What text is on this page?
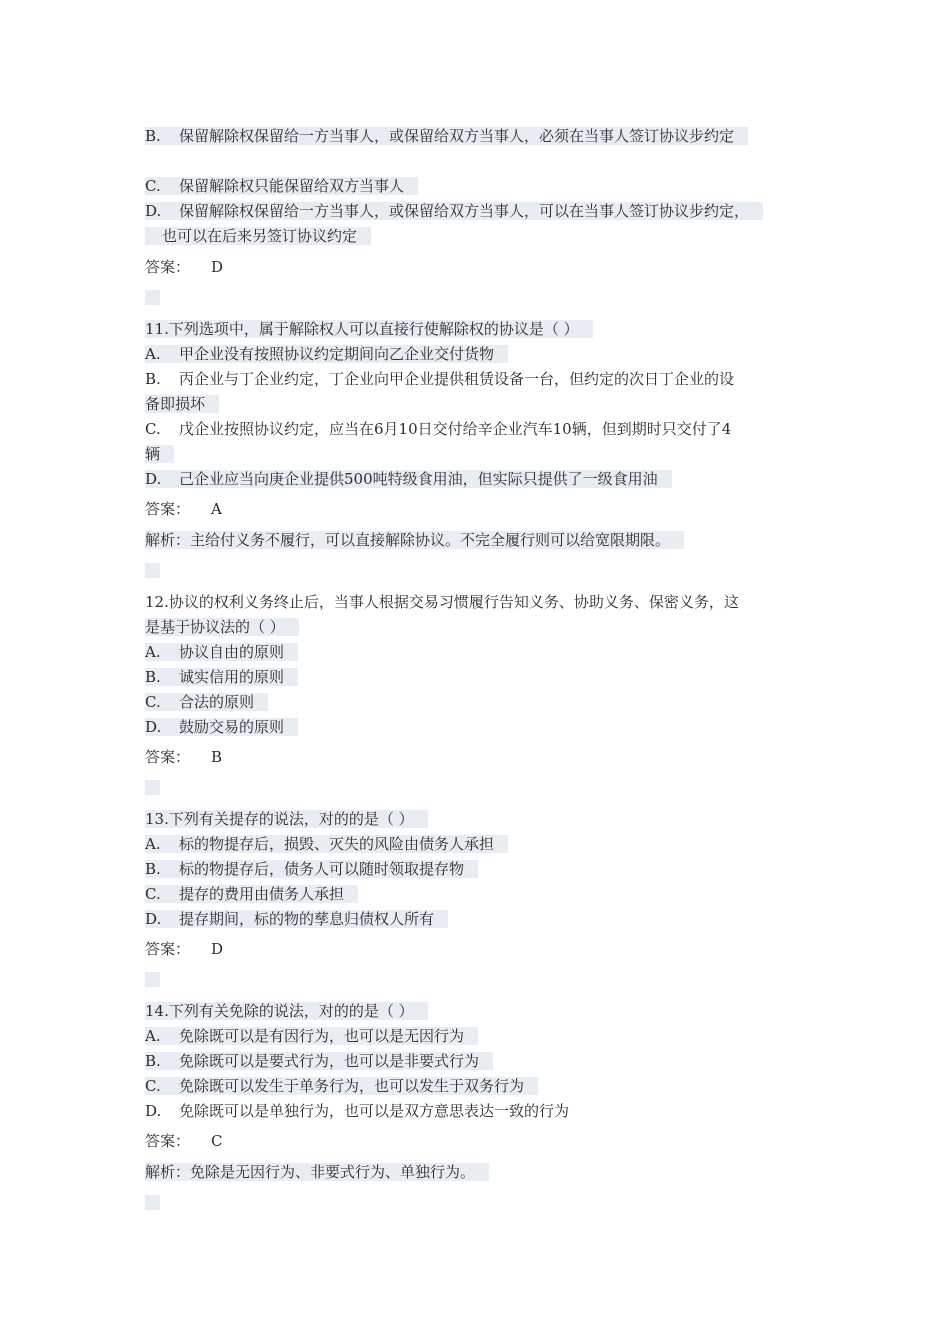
B. 保留解除权保留给一方当事人，或保留给双方当事人，必须在当事人签订协议步约定
C. 保留解除权只能保留给双方当事人
D. 保留解除权保留给一方当事人，或保留给双方当事人，可以在当事人签订协议步约定，
也可以在后来另签订协议约定
答案： D
11.下列选项中，属于解除权人可以直接行使解除权的协议是（ ）
A. 甲企业没有按照协议约定期间向乙企业交付货物
B. 丙企业与丁企业约定，丁企业向甲企业提供租赁设备一台，但约定的次日丁企业的设
备即损坏
C. 戊企业按照协议约定，应当在6月10日交付给辛企业汽车10辆，但到期时只交付了4
辆
D. 己企业应当向庚企业提供500吨特级食用油，但实际只提供了一级食用油
答案： A
解析：主给付义务不履行，可以直接解除协议。不完全履行则可以给宽限期限。
12.协议的权利义务终止后，当事人根据交易习惯履行告知义务、协助义务、保密义务，这
是基于协议法的（ ）
A. 协议自由的原则
B. 诚实信用的原则
C. 合法的原则
D. 鼓励交易的原则
答案： B
13.下列有关提存的说法，对的的是（ ）
A. 标的物提存后，损毁、灭失的风险由债务人承担
B. 标的物提存后，债务人可以随时领取提存物
C. 提存的费用由债务人承担
D. 提存期间，标的物的孳息归债权人所有
答案： D
14.下列有关免除的说法，对的的是（ ）
A. 免除既可以是有因行为，也可以是无因行为
B. 免除既可以是要式行为，也可以是非要式行为
C. 免除既可以发生于单务行为，也可以发生于双务行为
D. 免除既可以是单独行为，也可以是双方意思表达一致的行为
答案： C
解析：免除是无因行为、非要式行为、单独行为。
